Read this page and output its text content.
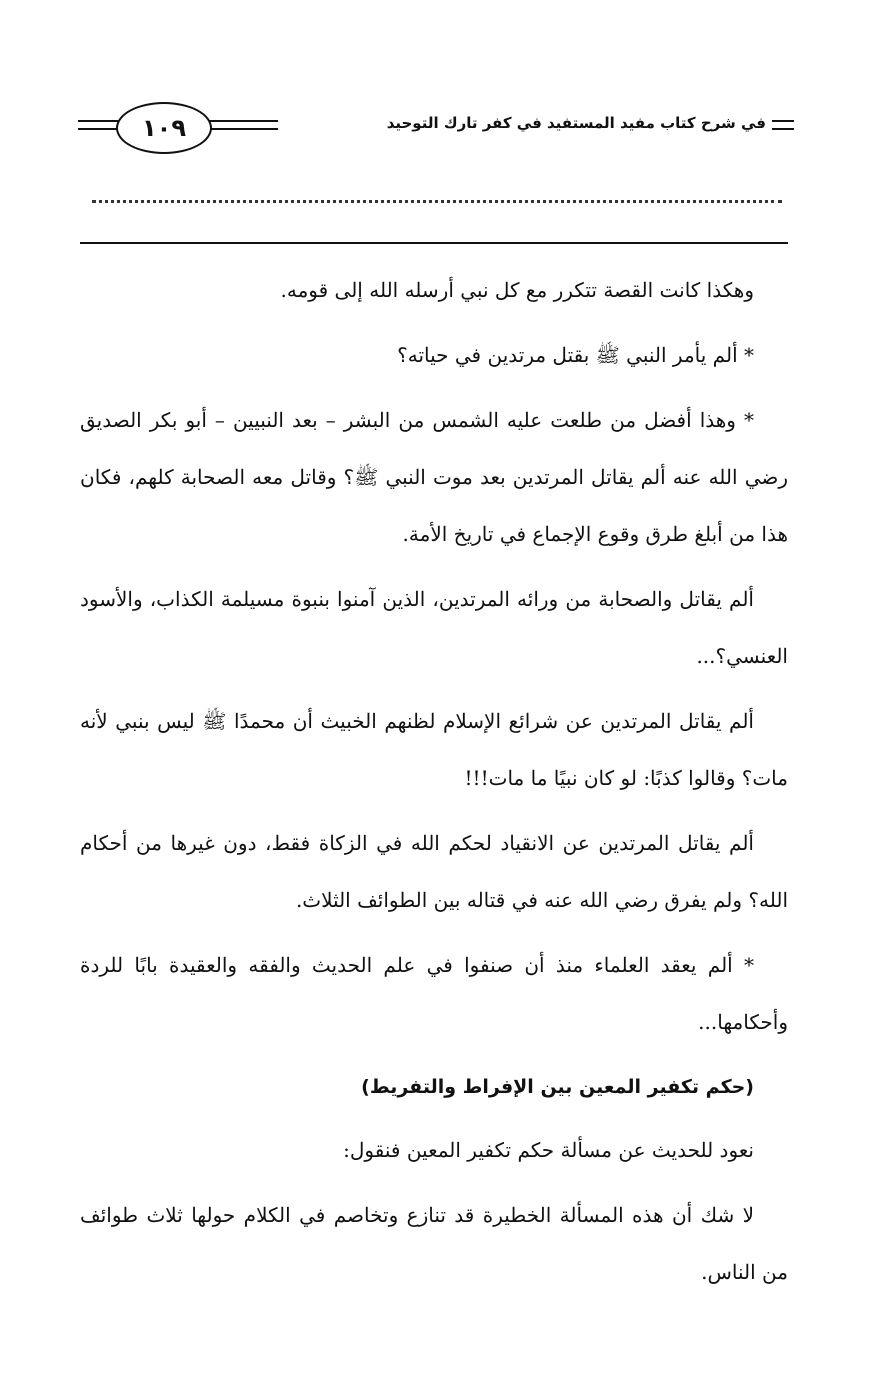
في شرح كتاب مفيد المستفيد في كفر تارك التوحيد
١٠٩

وهكذا كانت القصة تتكرر مع كل نبي أرسله الله إلى قومه.

* ألم يأمر النبي ﷺ بقتل مرتدين في حياته؟

* وهذا أفضل من طلعت عليه الشمس من البشر – بعد النبيين – أبو بكر الصديق رضي الله عنه ألم يقاتل المرتدين بعد موت النبي ﷺ؟ وقاتل معه الصحابة كلهم، فكان هذا من أبلغ طرق وقوع الإجماع في تاريخ الأمة.

ألم يقاتل والصحابة من ورائه المرتدين، الذين آمنوا بنبوة مسيلمة الكذاب، والأسود العنسي؟...

ألم يقاتل المرتدين عن شرائع الإسلام لظنهم الخبيث أن محمدًا ﷺ ليس بنبي لأنه مات؟ وقالوا كذبًا: لو كان نبيًا ما مات!!!

ألم يقاتل المرتدين عن الانقياد لحكم الله في الزكاة فقط، دون غيرها من أحكام الله؟ ولم يفرق رضي الله عنه في قتاله بين الطوائف الثلاث.

* ألم يعقد العلماء منذ أن صنفوا في علم الحديث والفقه والعقيدة بابًا للردة وأحكامها...

(حكم تكفير المعين بين الإفراط والتفريط)

نعود للحديث عن مسألة حكم تكفير المعين فنقول:

لا شك أن هذه المسألة الخطيرة قد تنازع وتخاصم في الكلام حولها ثلاث طوائف من الناس.
